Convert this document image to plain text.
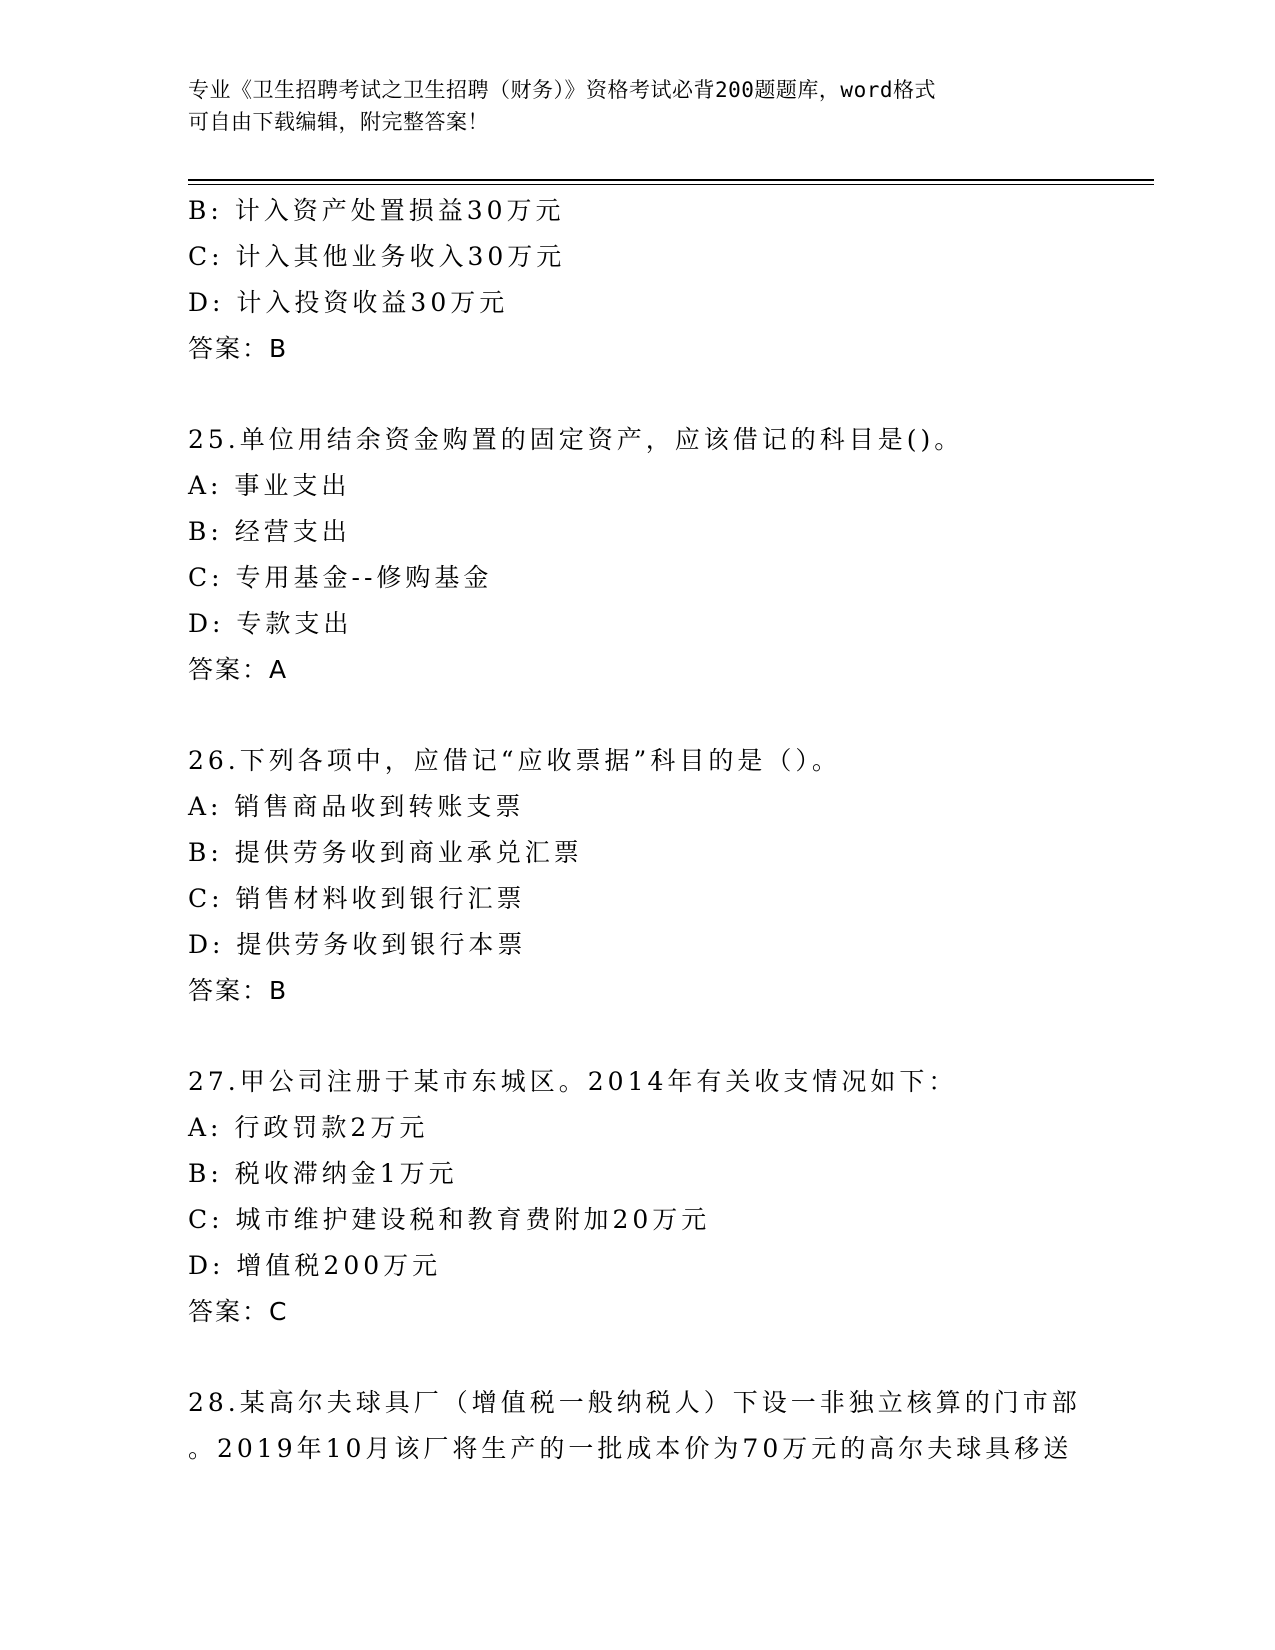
专业《卫生招聘考试之卫生招聘（财务）》资格考试必背200题题库，word格式
可自由下载编辑，附完整答案！
B: 计入资产处置损益30万元
C: 计入其他业务收入30万元
D: 计入投资收益30万元
答案：B
25.单位用结余资金购置的固定资产，应该借记的科目是()。
A: 事业支出
B: 经营支出
C: 专用基金--修购基金
D: 专款支出
答案：A
26.下列各项中，应借记“应收票据”科目的是（）。
A: 销售商品收到转账支票
B: 提供劳务收到商业承兑汇票
C: 销售材料收到银行汇票
D: 提供劳务收到银行本票
答案：B
27.甲公司注册于某市东城区。2014年有关收支情况如下：
A: 行政罚款2万元
B: 税收滞纳金1万元
C: 城市维护建设税和教育费附加20万元
D: 增值税200万元
答案：C
28.某高尔夫球具厂（增值税一般纳税人）下设一非独立核算的门市部
。2019年10月该厂将生产的一批成本价为70万元的高尔夫球具移送
